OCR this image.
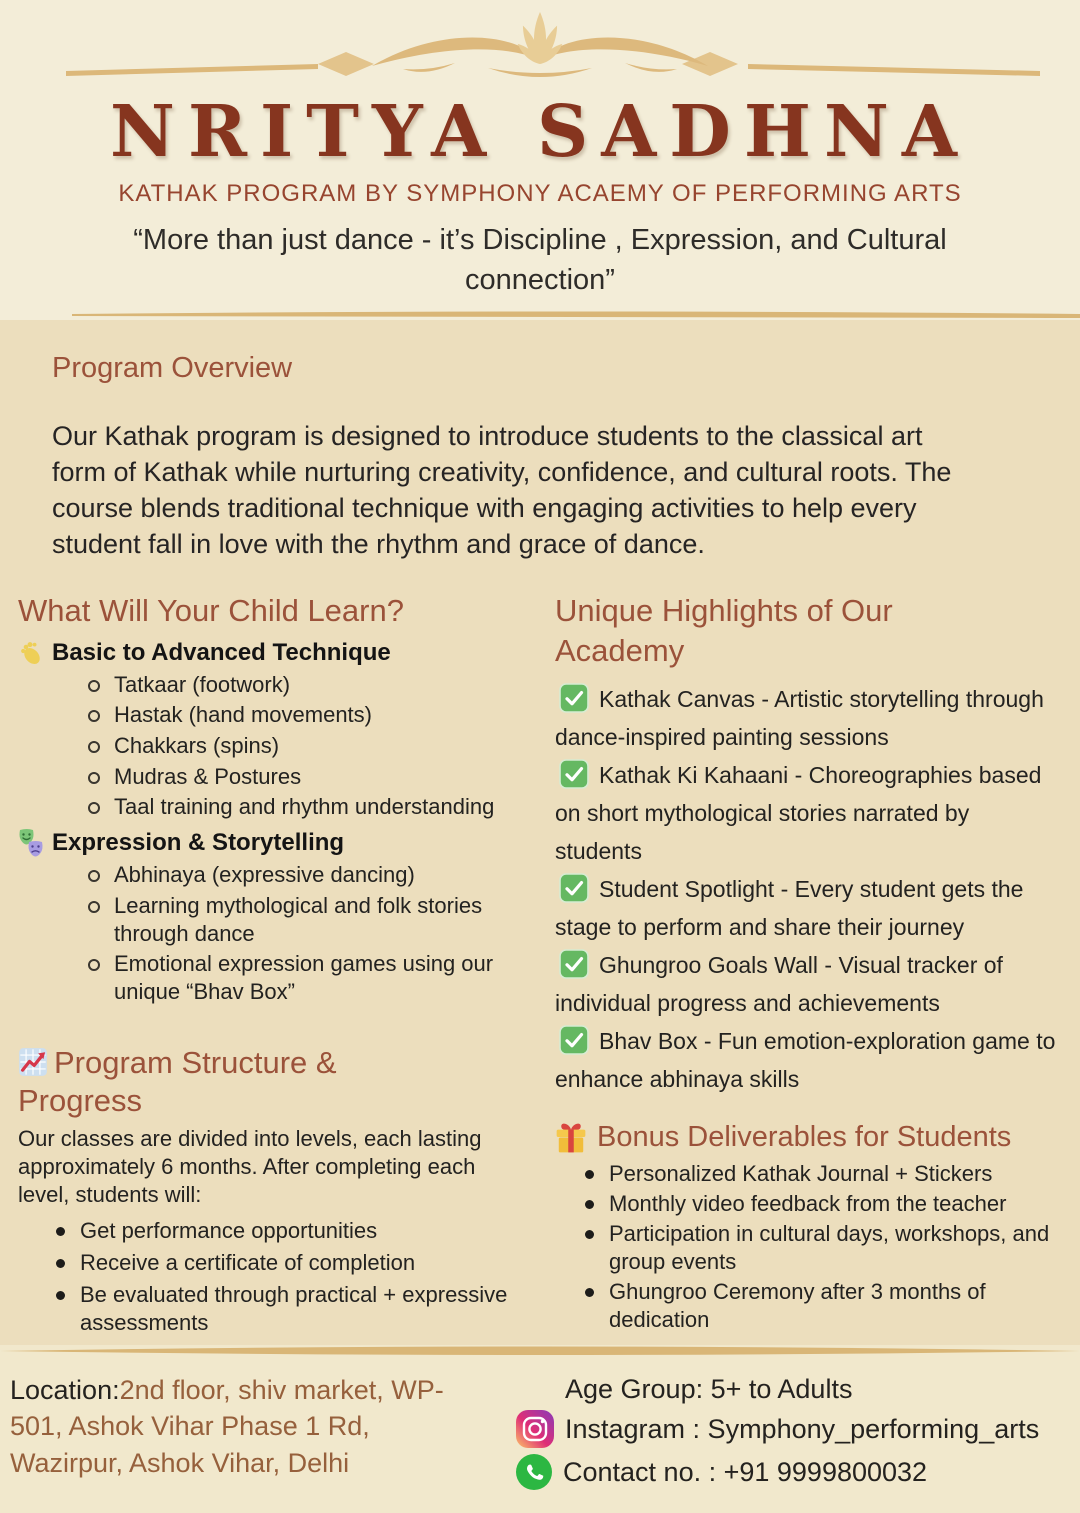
NRITYA SADHNA
KATHAK PROGRAM BY SYMPHONY ACAEMY OF PERFORMING ARTS
“More than just dance - it’s Discipline , Expression, and Cultural connection”
Program Overview
Our Kathak program is designed to introduce students to the classical art form of Kathak while nurturing creativity, confidence, and cultural roots. The course blends traditional technique with engaging activities to help every student fall in love with the rhythm and grace of dance.
What Will Your Child Learn?
Basic to Advanced Technique
Tatkaar (footwork)
Hastak (hand movements)
Chakkars (spins)
Mudras & Postures
Taal training and rhythm understanding
Expression & Storytelling
Abhinaya (expressive dancing)
Learning mythological and folk stories through dance
Emotional expression games using our unique “Bhav Box”
Program Structure & Progress
Our classes are divided into levels, each lasting approximately 6 months. After completing each level, students will:
Get performance opportunities
Receive a certificate of completion
Be evaluated through practical + expressive assessments
Unique Highlights of Our Academy
Kathak Canvas - Artistic storytelling through dance-inspired painting sessions
Kathak Ki Kahaani - Choreographies based on short mythological stories narrated by students
Student Spotlight - Every student gets the stage to perform and share their journey
Ghungroo Goals Wall - Visual tracker of individual progress and achievements
Bhav Box - Fun emotion-exploration game to enhance abhinaya skills
Bonus Deliverables for Students
Personalized Kathak Journal + Stickers
Monthly video feedback from the teacher
Participation in cultural days, workshops, and group events
Ghungroo Ceremony after 3 months of dedication
Location:2nd floor, shiv market, WP-501, Ashok Vihar Phase 1 Rd, Wazirpur, Ashok Vihar, Delhi
Age Group: 5+ to Adults
Instagram : Symphony_performing_arts
Contact no. : +91 9999800032
